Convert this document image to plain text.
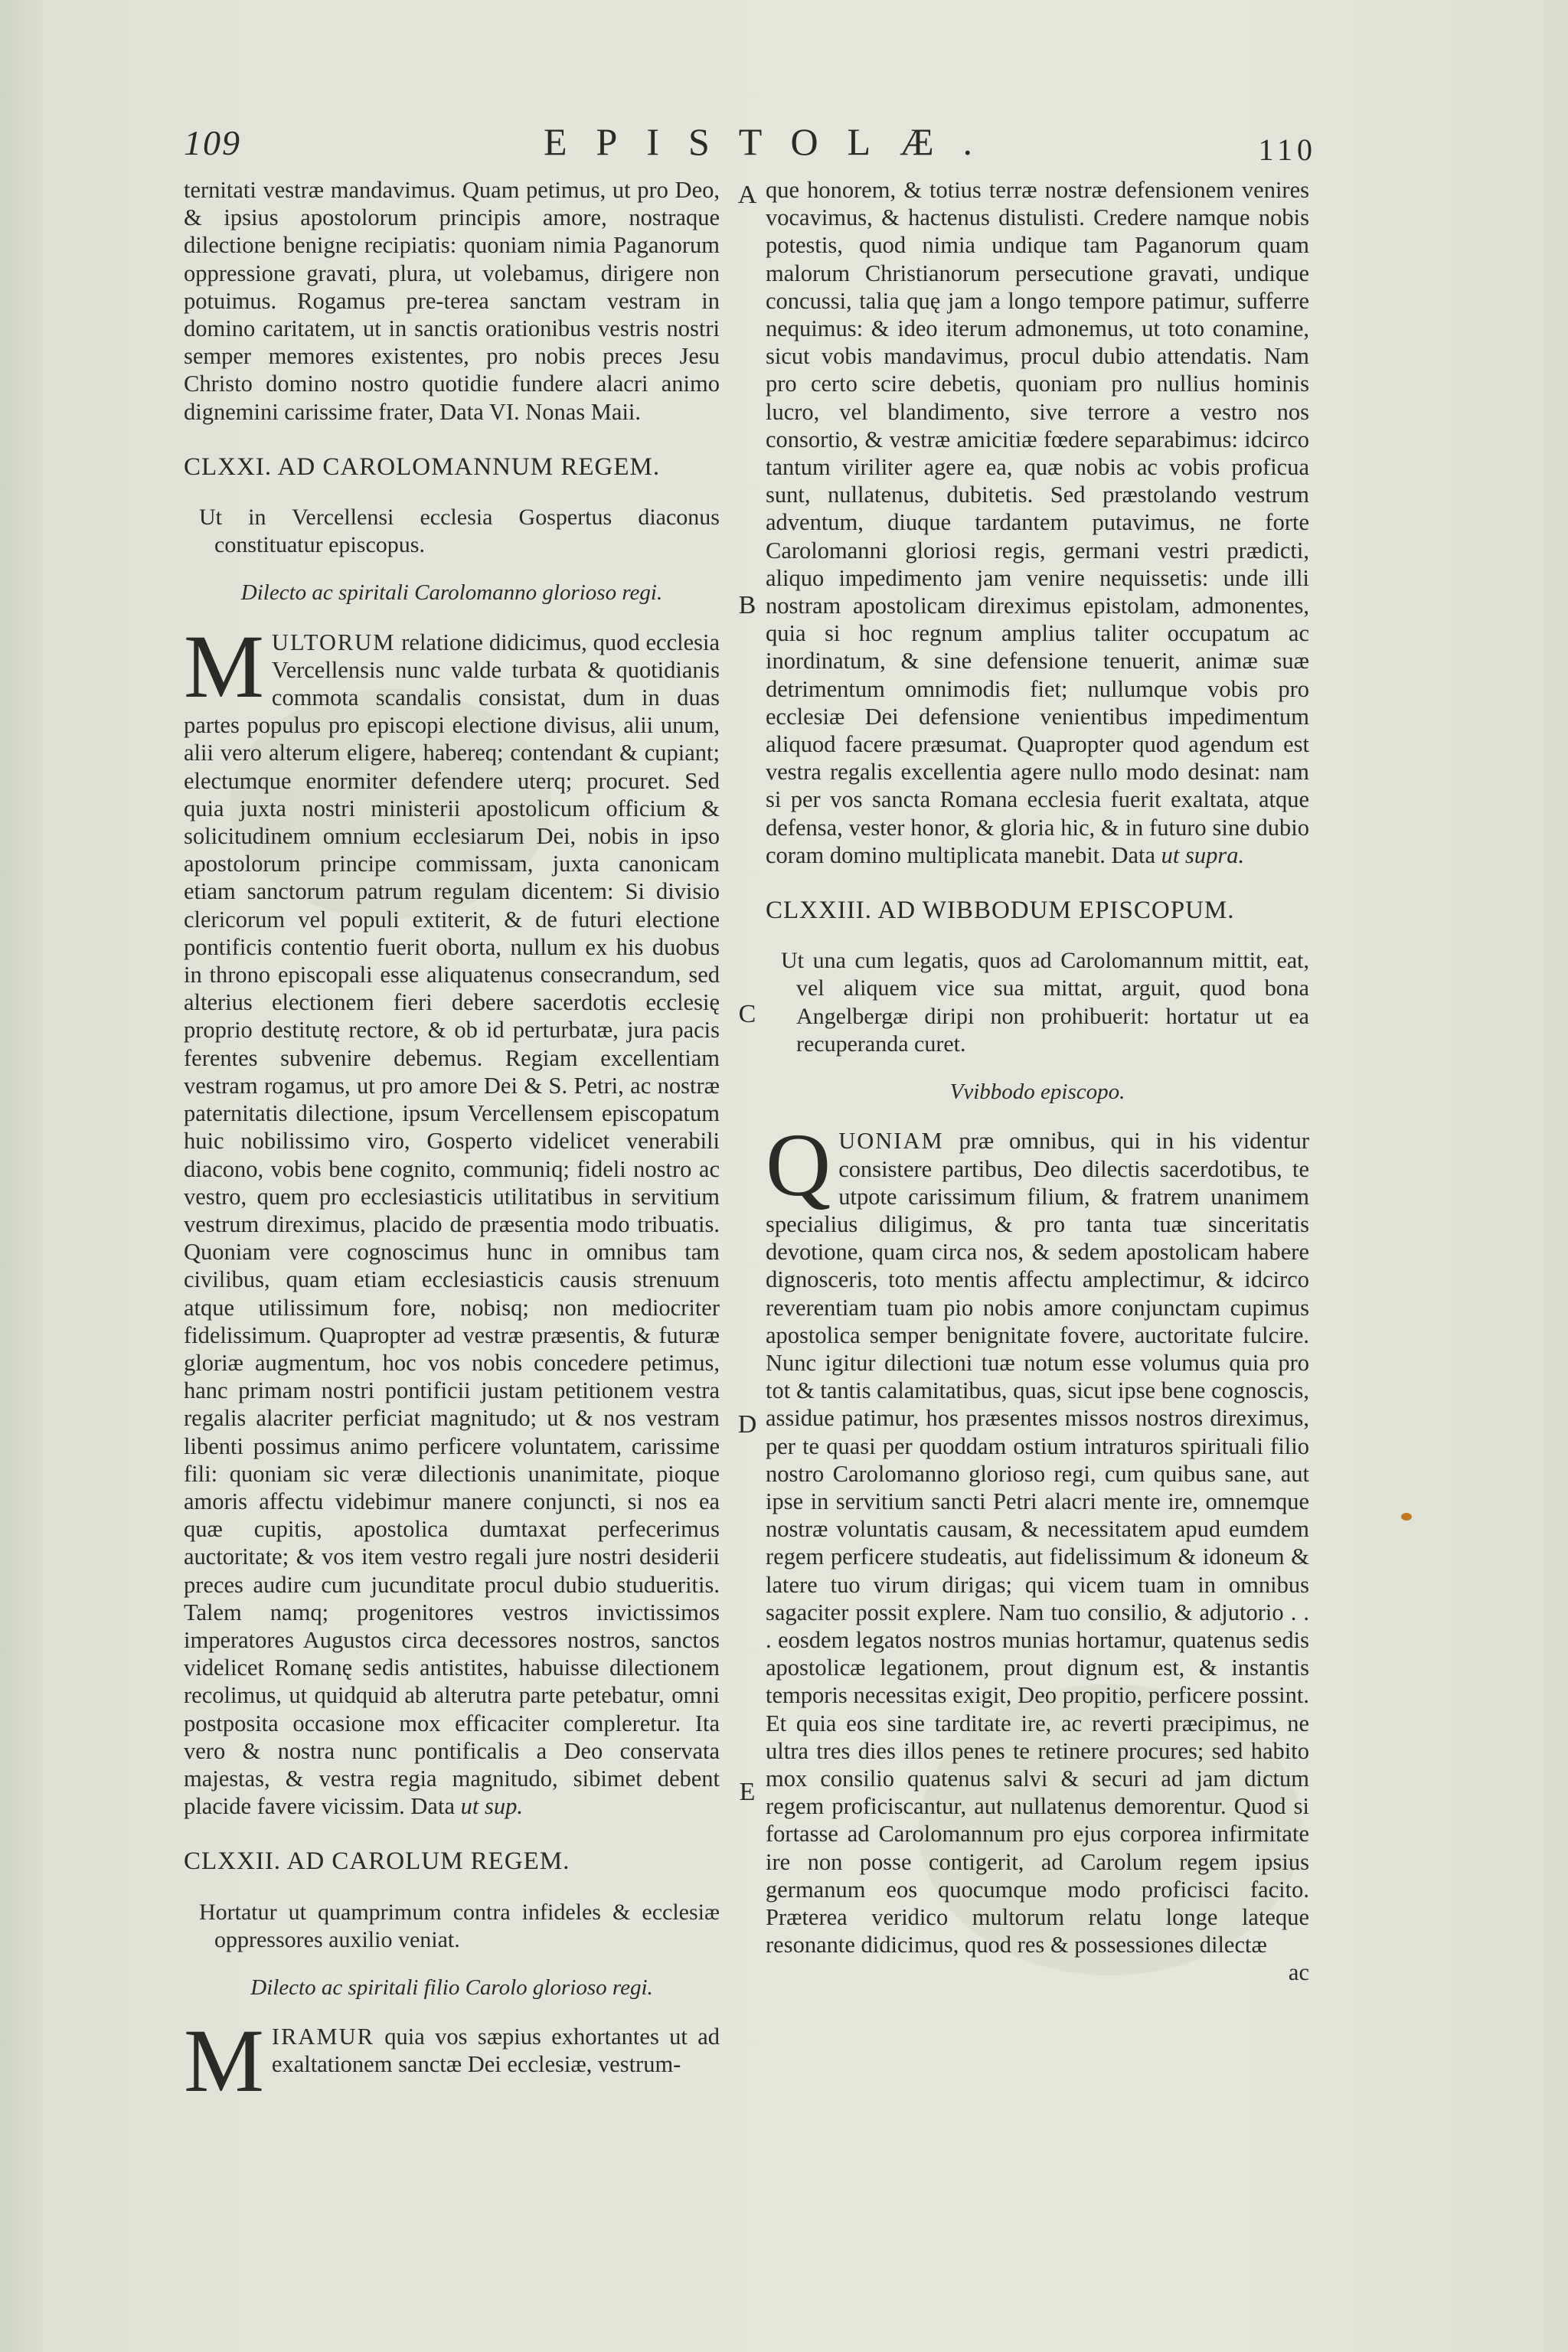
109	EPISTOLÆ.	110
A
B
C
D
E

ternitati vestræ mandavimus. Quam petimus, ut pro Deo, & ipsius apostolorum principis amore, nostraque dilectione benigne recipiatis: quoniam nimia Paganorum oppressione gravati, plura, ut volebamus, dirigere non potuimus. Rogamus pre-terea sanctam vestram in domino caritatem, ut in sanctis orationibus vestris nostri semper memores existentes, pro nobis preces Jesu Christo domino nostro quotidie fundere alacri animo dignemini carissime frater, Data VI. Nonas Maii.

CLXXI. AD CAROLOMANNUM REGEM.

Ut in Vercellensi ecclesia Gospertus diaconus constituatur episcopus.

Dilecto ac spiritali Carolomanno glorioso regi.

MULTORUM relatione didicimus, quod ecclesia Vercellensis nunc valde turbata & quotidianis commota scandalis consistat, dum in duas partes populus pro episcopi electione divisus, alii unum, alii vero alterum eligere, habereq; contendant & cupiant; electumque enormiter defendere uterq; procuret. Sed quia juxta nostri ministerii apostolicum officium & solicitudinem omnium ecclesiarum Dei, nobis in ipso apostolorum principe commissam, juxta canonicam etiam sanctorum patrum regulam dicentem: Si divisio clericorum vel populi extiterit, & de futuri electione pontificis contentio fuerit oborta, nullum ex his duobus in throno episcopali esse aliquatenus consecrandum, sed alterius electionem fieri debere sacerdotis ecclesię proprio destitutę rectore, & ob id perturbatæ, jura pacis ferentes subvenire debemus. Regiam excellentiam vestram rogamus, ut pro amore Dei & S. Petri, ac nostræ paternitatis dilectione, ipsum Vercellensem episcopatum huic nobilissimo viro, Gosperto videlicet venerabili diacono, vobis bene cognito, communiq; fideli nostro ac vestro, quem pro ecclesiasticis utilitatibus in servitium vestrum direximus, placido de præsentia modo tribuatis. Quoniam vere cognoscimus hunc in omnibus tam civilibus, quam etiam ecclesiasticis causis strenuum atque utilissimum fore, nobisq; non mediocriter fidelissimum. Quapropter ad vestræ præsentis, & futuræ gloriæ augmentum, hoc vos nobis concedere petimus, hanc primam nostri pontificii justam petitionem vestra regalis alacriter perficiat magnitudo; ut & nos vestram libenti possimus animo perficere voluntatem, carissime fili: quoniam sic veræ dilectionis unanimitate, pioque amoris affectu videbimur manere conjuncti, si nos ea quæ cupitis, apostolica dumtaxat perfecerimus auctoritate; & vos item vestro regali jure nostri desiderii preces audire cum jucunditate procul dubio studueritis. Talem namq; progenitores vestros invictissimos imperatores Augustos circa decessores nostros, sanctos videlicet Romanę sedis antistites, habuisse dilectionem recolimus, ut quidquid ab alterutra parte petebatur, omni postposita occasione mox efficaciter compleretur. Ita vero & nostra nunc pontificalis a Deo conservata majestas, & vestra regia magnitudo, sibimet debent placide favere vicissim. Data ut sup.

CLXXII. AD CAROLUM REGEM.

Hortatur ut quamprimum contra infideles & ecclesiæ oppressores auxilio veniat.

Dilecto ac spiritali filio Carolo glorioso regi.

MIRAMUR quia vos sæpius exhortantes ut ad exaltationem sanctæ Dei ecclesiæ, vestrum-

que honorem, & totius terræ nostræ defensionem venires vocavimus, & hactenus distulisti. Credere namque nobis potestis, quod nimia undique tam Paganorum quam malorum Christianorum persecutione gravati, undique concussi, talia quę jam a longo tempore patimur, sufferre nequimus: & ideo iterum admonemus, ut toto conamine, sicut vobis mandavimus, procul dubio attendatis. Nam pro certo scire debetis, quoniam pro nullius hominis lucro, vel blandimento, sive terrore a vestro nos consortio, & vestræ amicitiæ fœdere separabimus: idcirco tantum viriliter agere ea, quæ nobis ac vobis proficua sunt, nullatenus, dubitetis. Sed præstolando vestrum adventum, diuque tardantem putavimus, ne forte Carolomanni gloriosi regis, germani vestri prædicti, aliquo impedimento jam venire nequissetis: unde illi nostram apostolicam direximus epistolam, admonentes, quia si hoc regnum amplius taliter occupatum ac inordinatum, & sine defensione tenuerit, animæ suæ detrimentum omnimodis fiet; nullumque vobis pro ecclesiæ Dei defensione venientibus impedimentum aliquod facere præsumat. Quapropter quod agendum est vestra regalis excellentia agere nullo modo desinat: nam si per vos sancta Romana ecclesia fuerit exaltata, atque defensa, vester honor, & gloria hic, & in futuro sine dubio coram domino multiplicata manebit. Data ut supra.

CLXXIII. AD WIBBODUM EPISCOPUM.

Ut una cum legatis, quos ad Carolomannum mittit, eat, vel aliquem vice sua mittat, arguit, quod bona Angelbergæ diripi non prohibuerit: hortatur ut ea recuperanda curet.

Vvibbodo episcopo.

QUONIAM præ omnibus, qui in his videntur consistere partibus, Deo dilectis sacerdotibus, te utpote carissimum filium, & fratrem unanimem specialius diligimus, & pro tanta tuæ sinceritatis devotione, quam circa nos, & sedem apostolicam habere dignosceris, toto mentis affectu amplectimur, & idcirco reverentiam tuam pio nobis amore conjunctam cupimus apostolica semper benignitate fovere, auctoritate fulcire. Nunc igitur dilectioni tuæ notum esse volumus quia pro tot & tantis calamitatibus, quas, sicut ipse bene cognoscis, assidue patimur, hos præsentes missos nostros direximus, per te quasi per quoddam ostium intraturos spirituali filio nostro Carolomanno glorioso regi, cum quibus sane, aut ipse in servitium sancti Petri alacri mente ire, omnemque nostræ voluntatis causam, & necessitatem apud eumdem regem perficere studeatis, aut fidelissimum & idoneum & latere tuo virum dirigas; qui vicem tuam in omnibus sagaciter possit explere. Nam tuo consilio, & adjutorio . . . eosdem legatos nostros munias hortamur, quatenus sedis apostolicæ legationem, prout dignum est, & instantis temporis necessitas exigit, Deo propitio, perficere possint. Et quia eos sine tarditate ire, ac reverti præcipimus, ne ultra tres dies illos penes te retinere procures; sed habito mox consilio quatenus salvi & securi ad jam dictum regem proficiscantur, aut nullatenus demorentur. Quod si fortasse ad Carolomannum pro ejus corporea infirmitate ire non posse contigerit, ad Carolum regem ipsius germanum eos quocumque modo proficisci facito. Præterea veridico multorum relatu longe lateque resonante didicimus, quod res & possessiones dilectæ

ac
